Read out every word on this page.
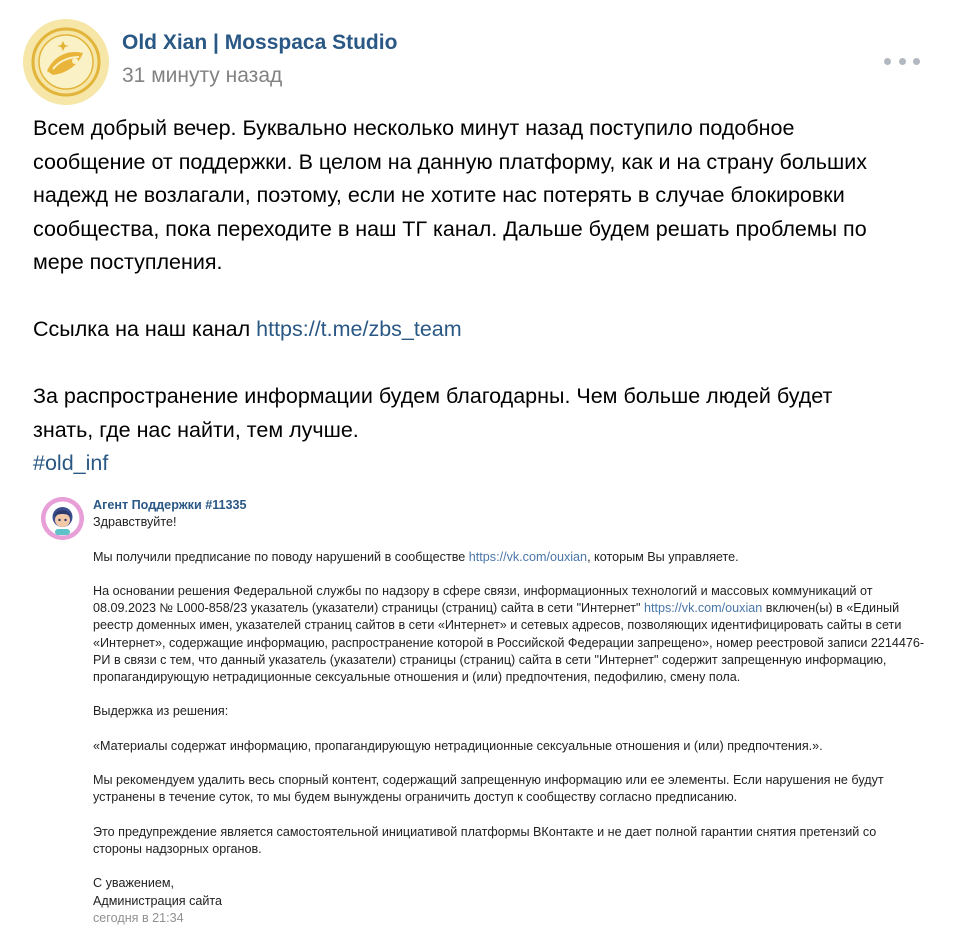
Old Xian | Mosspaca Studio
31 минуту назад

Всем добрый вечер. Буквально несколько минут назад поступило подобное

сообщение от поддержки. В целом на данную платформу, как и на страну больших

надежд не возлагали, поэтому, если не хотите нас потерять в случае блокировки

сообщества, пока переходите в наш ТГ канал. Дальше будем решать проблемы по

мере поступления.

Ссылка на наш канал https://t.me/zbs_team

За распространение информации будем благодарны. Чем больше людей будет

знать, где нас найти, тем лучше.

#old_inf

Агент Поддержки #11335

Здравствуйте!

Мы получили предписание по поводу нарушений в сообществе https://vk.com/ouxian, которым Вы управляете.

На основании решения Федеральной службы по надзору в сфере связи, информационных технологий и массовых коммуникаций от

08.09.2023 № L000-858/23 указатель (указатели) страницы (страниц) сайта в сети "Интернет" https://vk.com/ouxian включен(ы) в «Единый

реестр доменных имен, указателей страниц сайтов в сети «Интернет» и сетевых адресов, позволяющих идентифицировать сайты в сети

«Интернет», содержащие информацию, распространение которой в Российской Федерации запрещено», номер реестровой записи 2214476-

РИ в связи с тем, что данный указатель (указатели) страницы (страниц) сайта в сети "Интернет" содержит запрещенную информацию,

пропагандирующую нетрадиционные сексуальные отношения и (или) предпочтения, педофилию, смену пола.

Выдержка из решения:

«Материалы содержат информацию, пропагандирующую нетрадиционные сексуальные отношения и (или) предпочтения.».

Мы рекомендуем удалить весь спорный контент, содержащий запрещенную информацию или ее элементы. Если нарушения не будут

устранены в течение суток, то мы будем вынуждены ограничить доступ к сообществу согласно предписанию.

Это предупреждение является самостоятельной инициативой платформы ВКонтакте и не дает полной гарантии снятия претензий со

стороны надзорных органов.

С уважением,

Администрация сайта

сегодня в 21:34
